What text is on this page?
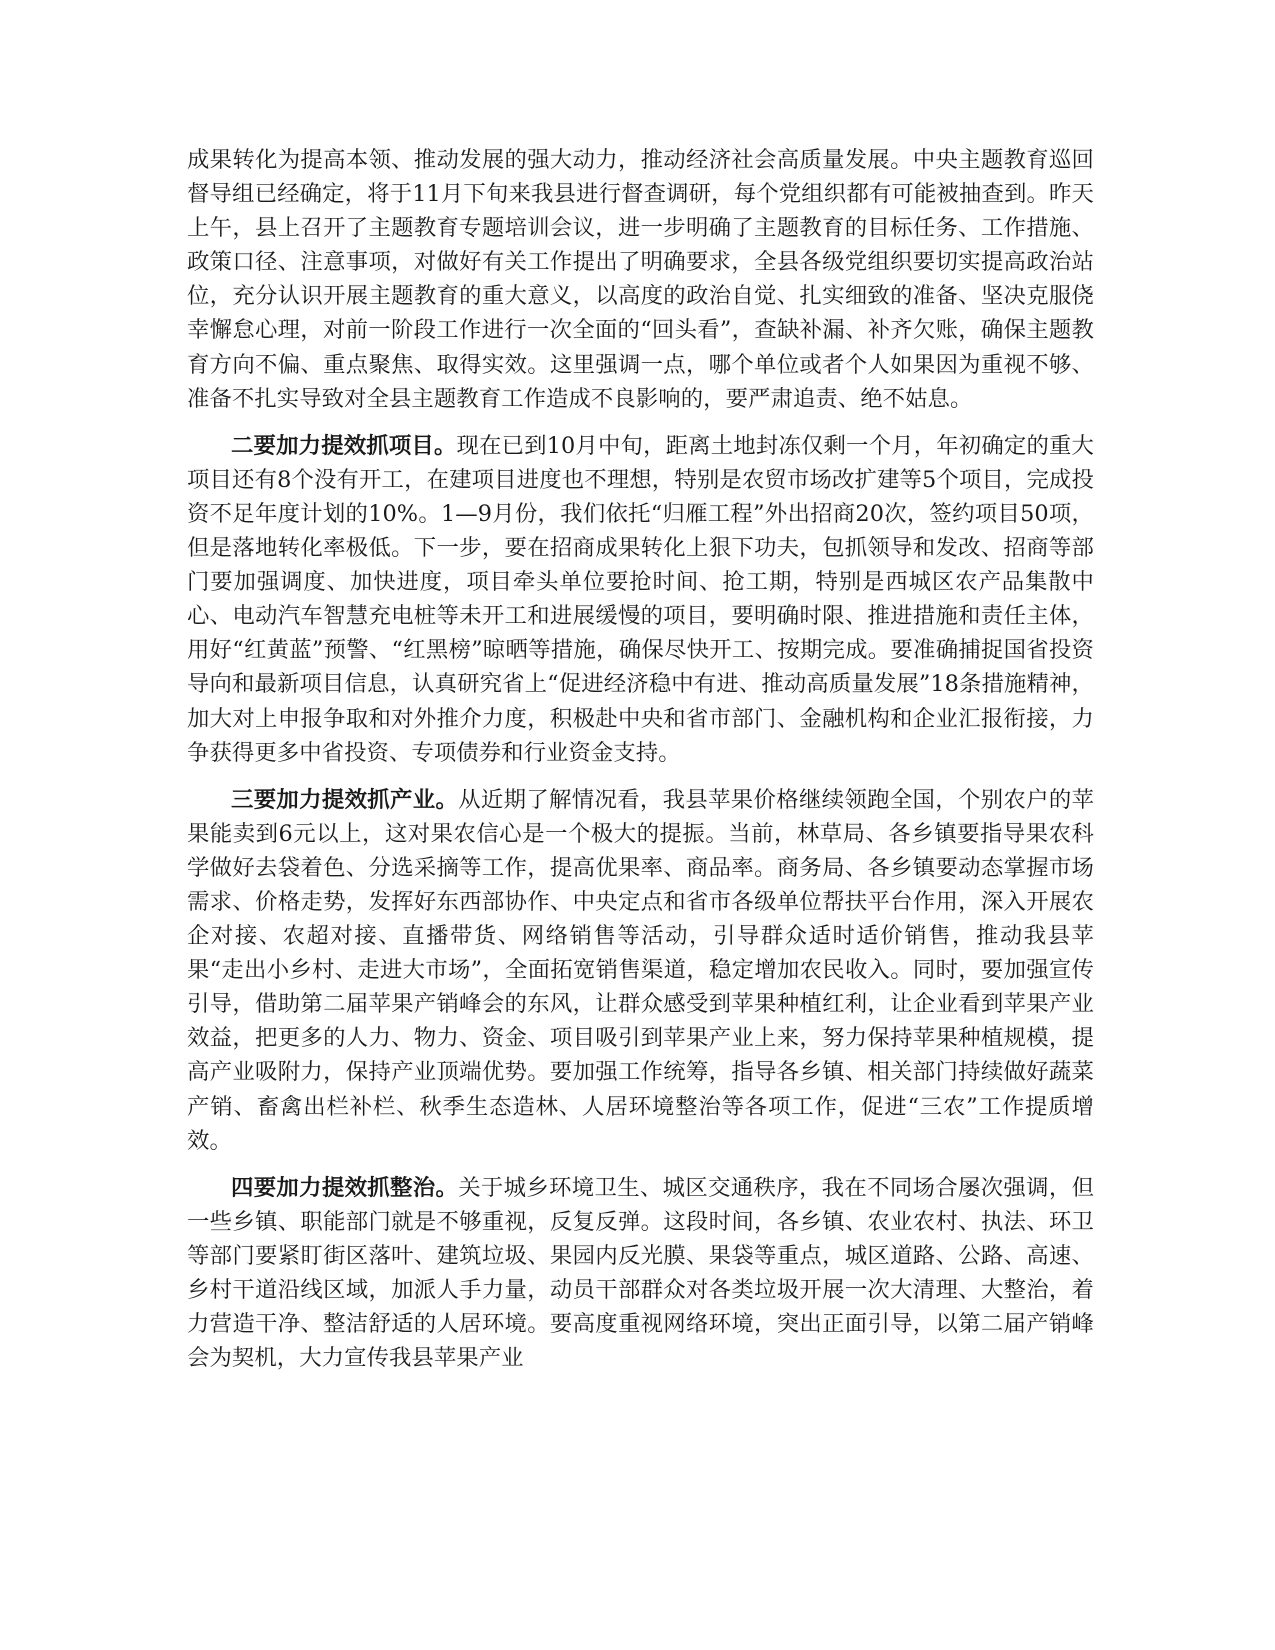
成果转化为提高本领、推动发展的强大动力，推动经济社会高质量发展。中央主题教育巡回督导组已经确定，将于11月下旬来我县进行督查调研，每个党组织都有可能被抽查到。昨天上午，县上召开了主题教育专题培训会议，进一步明确了主题教育的目标任务、工作措施、政策口径、注意事项，对做好有关工作提出了明确要求，全县各级党组织要切实提高政治站位，充分认识开展主题教育的重大意义，以高度的政治自觉、扎实细致的准备、坚决克服侥幸懈怠心理，对前一阶段工作进行一次全面的“回头看”，查缺补漏、补齐欠账，确保主题教育方向不偏、重点聚焦、取得实效。这里强调一点，哪个单位或者个人如果因为重视不够、准备不扎实导致对全县主题教育工作造成不良影响的，要严肃追责、绝不姑息。

二要加力提效抓项目。现在已到10月中旬，距离土地封冻仅剩一个月，年初确定的重大项目还有8个没有开工，在建项目进度也不理想，特别是农贸市场改扩建等5个项目，完成投资不足年度计划的10%。1—9月份，我们依托“归雁工程”外出招商20次，签约项目50项，但是落地转化率极低。下一步，要在招商成果转化上狠下功夫，包抓领导和发改、招商等部门要加强调度、加快进度，项目牵头单位要抢时间、抢工期，特别是西城区农产品集散中心、电动汽车智慧充电桩等未开工和进展缓慢的项目，要明确时限、推进措施和责任主体，用好“红黄蓝”预警、“红黑榜”晾晒等措施，确保尽快开工、按期完成。要准确捕捉国省投资导向和最新项目信息，认真研究省上“促进经济稳中有进、推动高质量发展”18条措施精神，加大对上申报争取和对外推介力度，积极赴中央和省市部门、金融机构和企业汇报衔接，力争获得更多中省投资、专项债券和行业资金支持。

三要加力提效抓产业。从近期了解情况看，我县苹果价格继续领跑全国，个别农户的苹果能卖到6元以上，这对果农信心是一个极大的提振。当前，林草局、各乡镇要指导果农科学做好去袋着色、分选采摘等工作，提高优果率、商品率。商务局、各乡镇要动态掌握市场需求、价格走势，发挥好东西部协作、中央定点和省市各级单位帮扶平台作用，深入开展农企对接、农超对接、直播带货、网络销售等活动，引导群众适时适价销售，推动我县苹果“走出小乡村、走进大市场”，全面拓宽销售渠道，稳定增加农民收入。同时，要加强宣传引导，借助第二届苹果产销峰会的东风，让群众感受到苹果种植红利，让企业看到苹果产业效益，把更多的人力、物力、资金、项目吸引到苹果产业上来，努力保持苹果种植规模，提高产业吸附力，保持产业顶端优势。要加强工作统筹，指导各乡镇、相关部门持续做好蔬菜产销、畜禽出栏补栏、秋季生态造林、人居环境整治等各项工作，促进“三农”工作提质增效。

四要加力提效抓整治。关于城乡环境卫生、城区交通秩序，我在不同场合屡次强调，但一些乡镇、职能部门就是不够重视，反复反弹。这段时间，各乡镇、农业农村、执法、环卫等部门要紧盯街区落叶、建筑垃圾、果园内反光膜、果袋等重点，城区道路、公路、高速、乡村干道沿线区域，加派人手力量，动员干部群众对各类垃圾开展一次大清理、大整治，着力营造干净、整洁舒适的人居环境。要高度重视网络环境，突出正面引导，以第二届产销峰会为契机，大力宣传我县苹果产业
